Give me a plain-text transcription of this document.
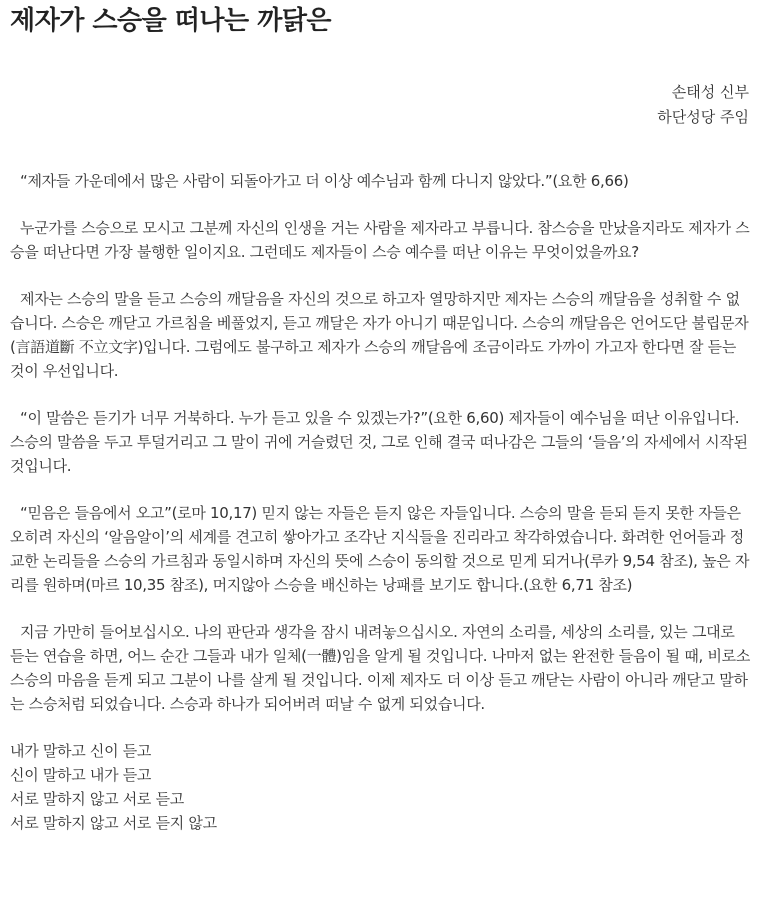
제자가 스승을 떠나는 까닭은
손태성 신부
하단성당 주임

“제자들 가운데에서 많은 사람이 되돌아가고 더 이상 예수님과 함께 다니지 않았다.”(요한 6,66)

누군가를 스승으로 모시고 그분께 자신의 인생을 거는 사람을 제자라고 부릅니다. 참스승을 만났을지라도 제자가 스승을 떠난다면 가장 불행한 일이지요. 그런데도 제자들이 스승 예수를 떠난 이유는 무엇이었을까요?

제자는 스승의 말을 듣고 스승의 깨달음을 자신의 것으로 하고자 열망하지만 제자는 스승의 깨달음을 성취할 수 없습니다. 스승은 깨닫고 가르침을 베풀었지, 듣고 깨달은 자가 아니기 때문입니다. 스승의 깨달음은 언어도단 불립문자(言語道斷 不立文字)입니다. 그럼에도 불구하고 제자가 스승의 깨달음에 조금이라도 가까이 가고자 한다면 잘 듣는 것이 우선입니다.

“이 말씀은 듣기가 너무 거북하다. 누가 듣고 있을 수 있겠는가?”(요한 6,60) 제자들이 예수님을 떠난 이유입니다. 스승의 말씀을 두고 투덜거리고 그 말이 귀에 거슬렸던 것, 그로 인해 결국 떠나감은 그들의 ‘들음’의 자세에서 시작된 것입니다.

“믿음은 들음에서 오고”(로마 10,17) 믿지 않는 자들은 듣지 않은 자들입니다. 스승의 말을 듣되 듣지 못한 자들은 오히려 자신의 ‘알음알이’의 세계를 견고히 쌓아가고 조각난 지식들을 진리라고 착각하였습니다. 화려한 언어들과 정교한 논리들을 스승의 가르침과 동일시하며 자신의 뜻에 스승이 동의할 것으로 믿게 되거나(루카 9,54 참조), 높은 자리를 원하며(마르 10,35 참조), 머지않아 스승을 배신하는 낭패를 보기도 합니다.(요한 6,71 참조)

지금 가만히 들어보십시오. 나의 판단과 생각을 잠시 내려놓으십시오. 자연의 소리를, 세상의 소리를, 있는 그대로 듣는 연습을 하면, 어느 순간 그들과 내가 일체(一體)임을 알게 될 것입니다. 나마저 없는 완전한 들음이 될 때, 비로소 스승의 마음을 듣게 되고 그분이 나를 살게 될 것입니다. 이제 제자도 더 이상 듣고 깨닫는 사람이 아니라 깨닫고 말하는 스승처럼 되었습니다. 스승과 하나가 되어버려 떠날 수 없게 되었습니다.

내가 말하고 신이 듣고
신이 말하고 내가 듣고
서로 말하지 않고 서로 듣고
서로 말하지 않고 서로 듣지 않고
